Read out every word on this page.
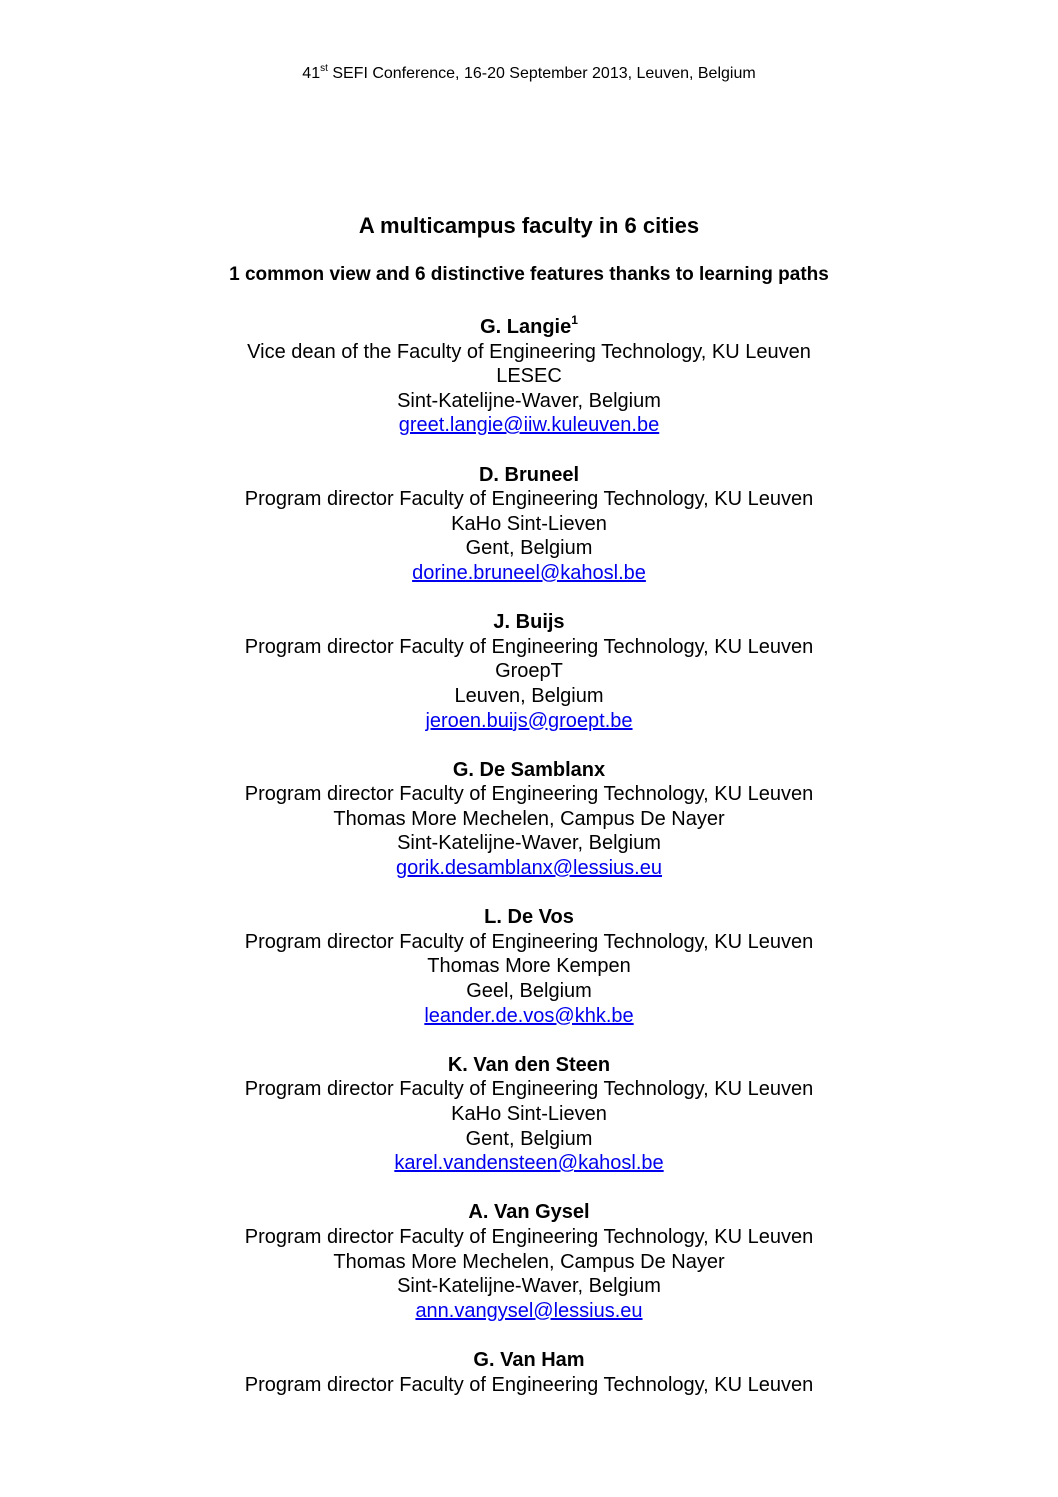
41st SEFI Conference, 16-20 September 2013, Leuven, Belgium
A multicampus faculty in 6 cities
1 common view and 6 distinctive features thanks to learning paths
G. Langie$^1$
Vice dean of the Faculty of Engineering Technology, KU Leuven
LESEC
Sint-Katelijne-Waver, Belgium
greet.langie@iiw.kuleuven.be
D. Bruneel
Program director Faculty of Engineering Technology, KU Leuven
KaHo Sint-Lieven
Gent, Belgium
dorine.bruneel@kahosl.be
J. Buijs
Program director Faculty of Engineering Technology, KU Leuven
GroepT
Leuven, Belgium
jeroen.buijs@groept.be
G. De Samblanx
Program director Faculty of Engineering Technology, KU Leuven
Thomas More Mechelen, Campus De Nayer
Sint-Katelijne-Waver, Belgium
gorik.desamblanx@lessius.eu
L. De Vos
Program director Faculty of Engineering Technology, KU Leuven
Thomas More Kempen
Geel, Belgium
leander.de.vos@khk.be
K. Van den Steen
Program director Faculty of Engineering Technology, KU Leuven
KaHo Sint-Lieven
Gent, Belgium
karel.vandensteen@kahosl.be
A. Van Gysel
Program director Faculty of Engineering Technology, KU Leuven
Thomas More Mechelen, Campus De Nayer
Sint-Katelijne-Waver, Belgium
ann.vangysel@lessius.eu
G. Van Ham
Program director Faculty of Engineering Technology, KU Leuven
